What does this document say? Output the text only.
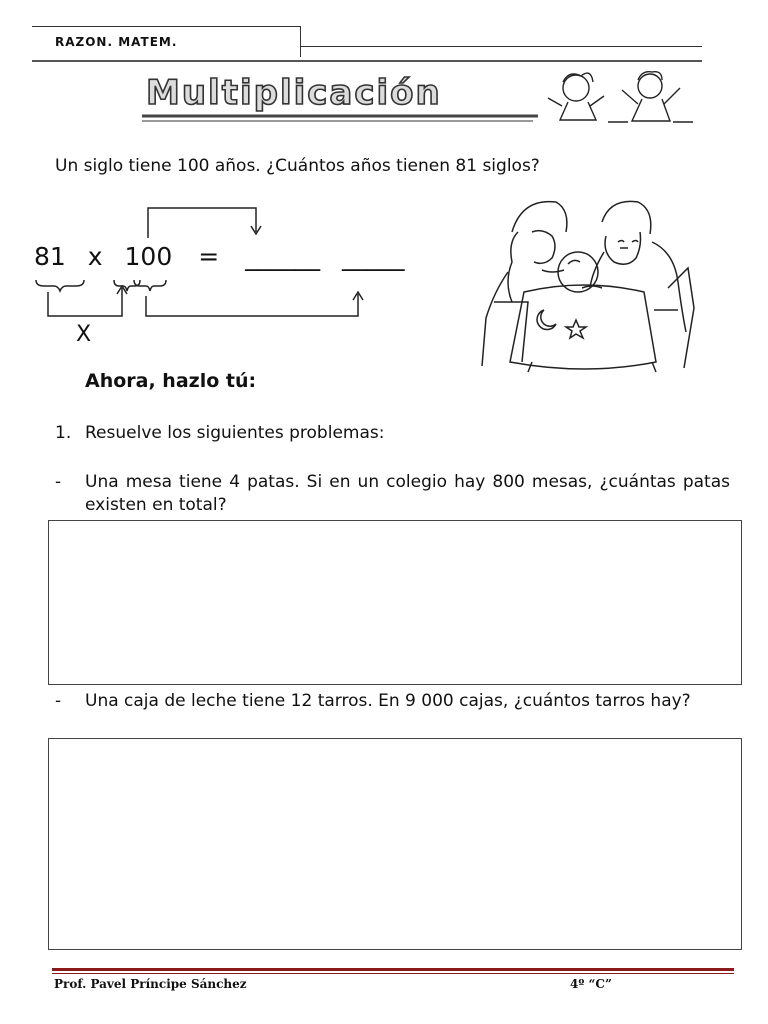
RAZON. MATEM.
Multiplicación
Un siglo tiene 100 años. ¿Cuántos años tienen 81 siglos?
81 x 100 = ______ _____
X
Ahora, hazlo tú:
1. Resuelve los siguientes problemas:
- Una mesa tiene 4 patas. Si en un colegio hay 800 mesas, ¿cuántas patas existen en total?
- Una caja de leche tiene 12 tarros. En 9 000 cajas, ¿cuántos tarros hay?
Prof. Pavel Príncipe Sánchez	4º “C”
